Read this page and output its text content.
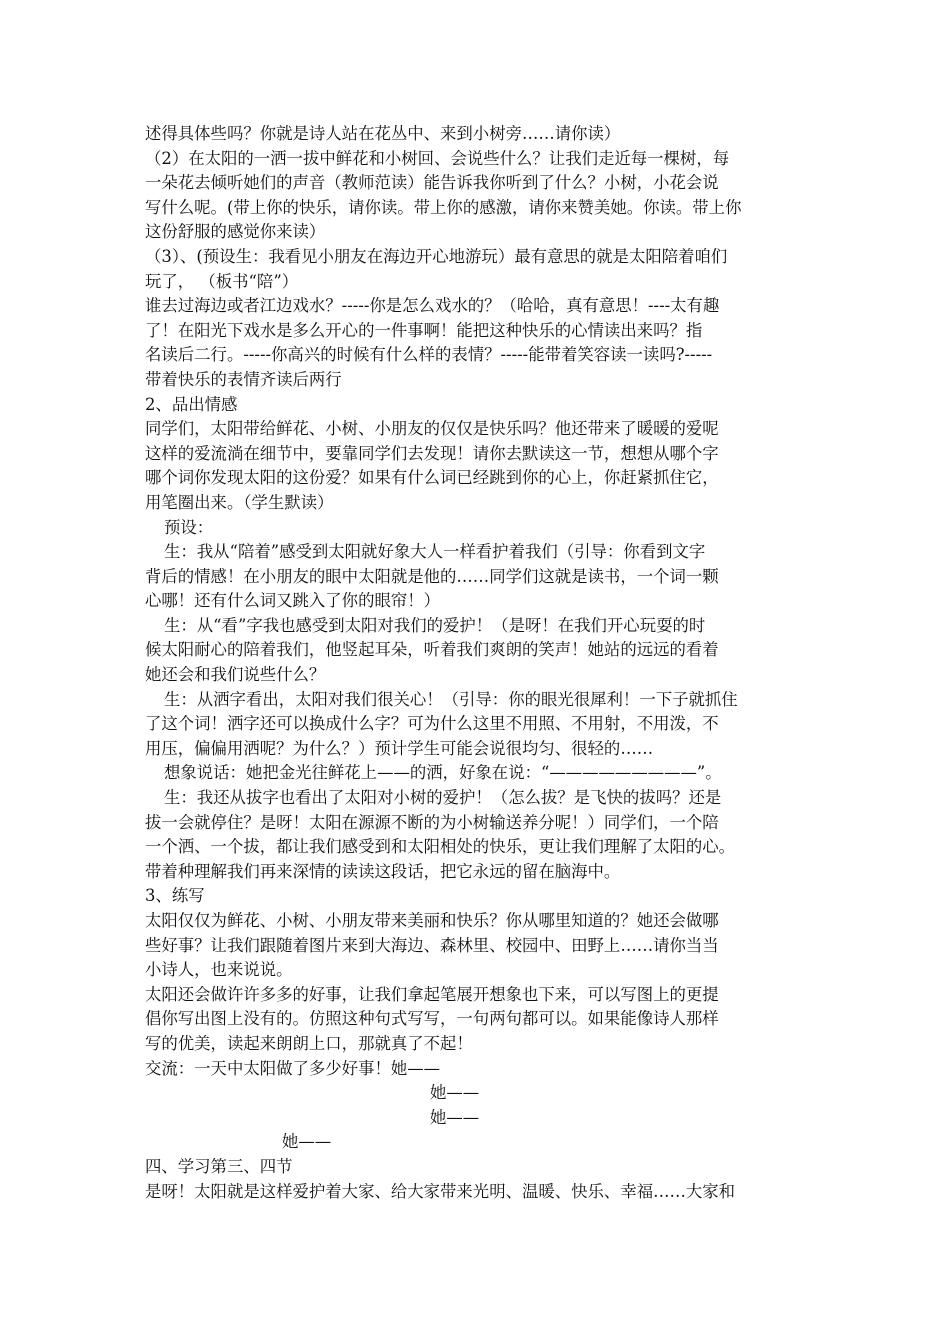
述得具体些吗？你就是诗人站在花丛中、来到小树旁……请你读）
（2）在太阳的一洒一拔中鲜花和小树回、会说些什么？让我们走近每一棵树，每
一朵花去倾听她们的声音（教师范读）能告诉我你听到了什么？小树，小花会说
写什么呢。(带上你的快乐，请你读。带上你的感激，请你来赞美她。你读。带上你
这份舒服的感觉你来读）
（3）、(预设生：我看见小朋友在海边开心地游玩）最有意思的就是太阳陪着咱们
玩了， （板书“陪”）
谁去过海边或者江边戏水？-----你是怎么戏水的？（哈哈，真有意思！----太有趣
了！在阳光下戏水是多么开心的一件事啊！能把这种快乐的心情读出来吗？指
名读后二行。-----你高兴的时候有什么样的表情？-----能带着笑容读一读吗?-----
带着快乐的表情齐读后两行
2、品出情感
同学们，太阳带给鲜花、小树、小朋友的仅仅是快乐吗？他还带来了暖暖的爱呢
这样的爱流淌在细节中，要靠同学们去发现！请你去默读这一节，想想从哪个字
哪个词你发现太阳的这份爱？如果有什么词已经跳到你的心上，你赶紧抓住它，
用笔圈出来。（学生默读）
预设：
生：我从“陪着”感受到太阳就好象大人一样看护着我们（引导：你看到文字
背后的情感！在小朋友的眼中太阳就是他的……同学们这就是读书，一个词一颗
心哪！还有什么词又跳入了你的眼帘！）
生：从“看”字我也感受到太阳对我们的爱护！（是呀！在我们开心玩耍的时
候太阳耐心的陪着我们，他竖起耳朵，听着我们爽朗的笑声！她站的远远的看着
她还会和我们说些什么？
生：从洒字看出，太阳对我们很关心！（引导：你的眼光很犀利！一下子就抓住
了这个词！洒字还可以换成什么字？可为什么这里不用照、不用射，不用泼，不
用压，偏偏用洒呢？为什么？）预计学生可能会说很均匀、很轻的……
想象说话：她把金光往鲜花上——的洒，好象在说：“—————————”。
生：我还从拔字也看出了太阳对小树的爱护！（怎么拔？是飞快的拔吗？还是
拔一会就停住？是呀！太阳在源源不断的为小树输送养分呢！）同学们，一个陪
一个洒、一个拔，都让我们感受到和太阳相处的快乐，更让我们理解了太阳的心。
带着种理解我们再来深情的读读这段话，把它永远的留在脑海中。
3、练写
太阳仅仅为鲜花、小树、小朋友带来美丽和快乐？你从哪里知道的？她还会做哪
些好事？让我们跟随着图片来到大海边、森林里、校园中、田野上……请你当当
小诗人，也来说说。
太阳还会做许许多多的好事，让我们拿起笔展开想象也下来，可以写图上的更提
倡你写出图上没有的。仿照这种句式写写，一句两句都可以。如果能像诗人那样
写的优美，读起来朗朗上口，那就真了不起！
交流：一天中太阳做了多少好事！她——
她——
她——
她——
四、学习第三、四节
是呀！太阳就是这样爱护着大家、给大家带来光明、温暖、快乐、幸福……大家和
